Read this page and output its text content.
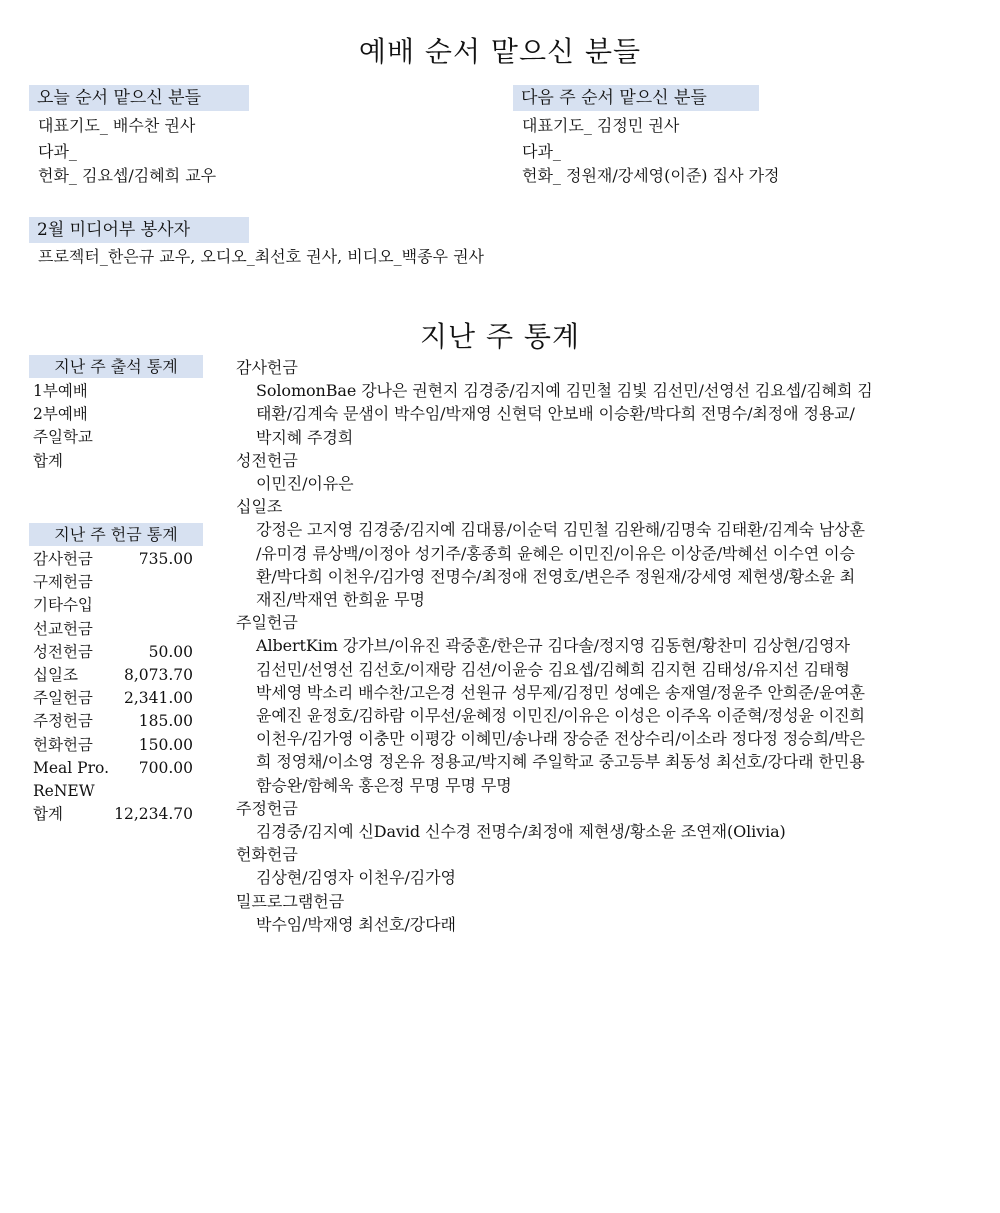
예배 순서 맡으신 분들
오늘 순서 맡으신 분들
대표기도_ 배수찬 권사
다과_
헌화_ 김요셉/김혜희 교우
다음 주 순서 맡으신 분들
대표기도_ 김정민 권사
다과_
헌화_ 정원재/강세영(이준) 집사 가정
2월 미디어부 봉사자
프로젝터_한은규 교우, 오디오_최선호 권사, 비디오_백종우 권사
지난 주 통계
지난 주 출석 통계
1부예배
2부예배
주일학교
합계
지난 주 헌금 통계
감사헌금	735.00
구제헌금
기타수입
선교헌금
성전헌금	50.00
십일조	8,073.70
주일헌금 2,341.00
주정헌금	185.00
헌화헌금	150.00
Meal Pro. 700.00
ReNEW
합계	12,234.70
감사헌금
SolomonBae 강나은 권현지 김경중/김지예 김민철 김빛 김선민/선영선 김요셉/김혜희 김
태환/김계숙 문샘이 박수임/박재영 신현덕 안보배 이승환/박다희 전명수/최정애 정용교/
박지혜 주경희
성전헌금
이민진/이유은
십일조
강정은 고지영 김경중/김지예 김대룡/이순덕 김민철 김완해/김명숙 김태환/김계숙 남상훈
/유미경 류상백/이정아 성기주/홍종희 윤혜은 이민진/이유은 이상준/박혜선 이수연 이승
환/박다희 이천우/김가영 전명수/최정애 전영호/변은주 정원재/강세영 제현생/황소윤 최
재진/박재연 한희윤 무명
주일헌금
AlbertKim 강가브/이유진 곽중훈/한은규 김다솔/정지영 김동현/황찬미 김상현/김영자
김선민/선영선 김선호/이재랑 김션/이윤승 김요셉/김혜희 김지현 김태성/유지선 김태형
박세영 박소리 배수찬/고은경 선원규 성무제/김정민 성예은 송재열/정윤주 안희준/윤여훈
윤예진 윤정호/김하람 이무선/윤혜정 이민진/이유은 이성은 이주옥 이준혁/정성윤 이진희
이천우/김가영 이충만 이평강 이혜민/송나래 장승준 전상수리/이소라 정다정 정승희/박은
희 정영채/이소영 정온유 정용교/박지혜 주일학교 중고등부 최동성 최선호/강다래 한민용
함승완/함혜욱 홍은정 무명 무명 무명
주정헌금
김경중/김지예 신David 신수경 전명수/최정애 제현생/황소윤 조연재(Olivia)
헌화헌금
김상현/김영자 이천우/김가영
밀프로그램헌금
박수임/박재영 최선호/강다래
